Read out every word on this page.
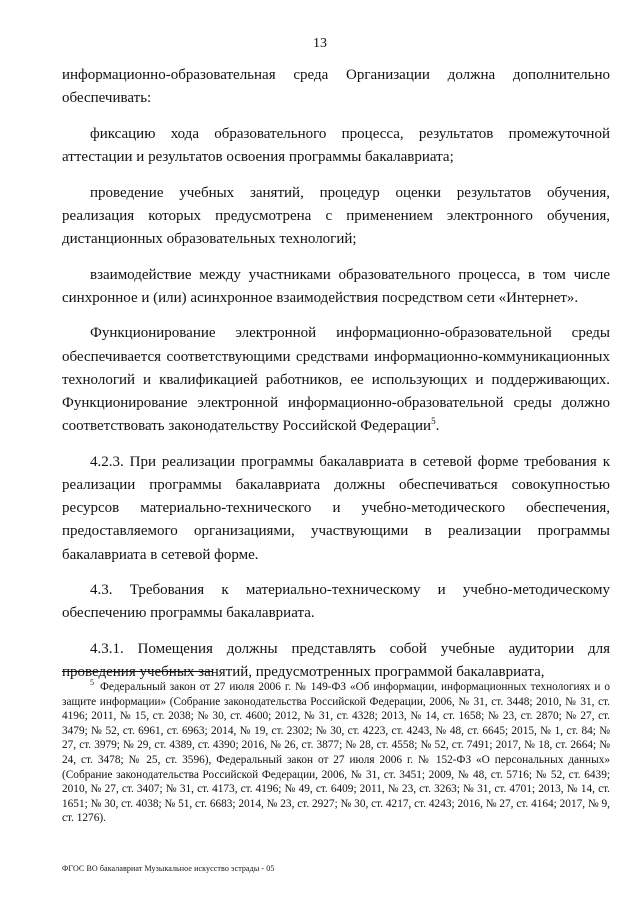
13

информационно-образовательная среда Организации должна дополнительно обеспечивать:

фиксацию хода образовательного процесса, результатов промежуточной аттестации и результатов освоения программы бакалавриата;

проведение учебных занятий, процедур оценки результатов обучения, реализация которых предусмотрена с применением электронного обучения, дистанционных образовательных технологий;

взаимодействие между участниками образовательного процесса, в том числе синхронное и (или) асинхронное взаимодействия посредством сети «Интернет».

Функционирование электронной информационно-образовательной среды обеспечивается соответствующими средствами информационно-коммуникационных технологий и квалификацией работников, ее использующих и поддерживающих. Функционирование электронной информационно-образовательной среды должно соответствовать законодательству Российской Федерации$^5$.

4.2.3. При реализации программы бакалавриата в сетевой форме требования к реализации программы бакалавриата должны обеспечиваться совокупностью ресурсов материально-технического и учебно-методического обеспечения, предоставляемого организациями, участвующими в реализации программы бакалавриата в сетевой форме.

4.3. Требования к материально-техническому и учебно-методическому обеспечению программы бакалавриата.

4.3.1. Помещения должны представлять собой учебные аудитории для проведения учебных занятий, предусмотренных программой бакалавриата,

$^5$ Федеральный закон от 27 июля 2006 г. № 149-ФЗ «Об информации, информационных технологиях и о защите информации» (Собрание законодательства Российской Федерации, 2006, № 31, ст. 3448; 2010, № 31, ст. 4196; 2011, № 15, ст. 2038; № 30, ст. 4600; 2012, № 31, ст. 4328; 2013, № 14, ст. 1658; № 23, ст. 2870; № 27, ст. 3479; № 52, ст. 6961, ст. 6963; 2014, № 19, ст. 2302; № 30, ст. 4223, ст. 4243, № 48, ст. 6645; 2015, № 1, ст. 84; № 27, ст. 3979; № 29, ст. 4389, ст. 4390; 2016, № 26, ст. 3877; № 28, ст. 4558; № 52, ст. 7491; 2017, № 18, ст. 2664; № 24, ст. 3478; № 25, ст. 3596), Федеральный закон от 27 июля 2006 г. № 152-ФЗ «О персональных данных» (Собрание законодательства Российской Федерации, 2006, № 31, ст. 3451; 2009, № 48, ст. 5716; № 52, ст. 6439; 2010, № 27, ст. 3407; № 31, ст. 4173, ст. 4196; № 49, ст. 6409; 2011, № 23, ст. 3263; № 31, ст. 4701; 2013, № 14, ст. 1651; № 30, ст. 4038; № 51, ст. 6683; 2014, № 23, ст. 2927; № 30, ст. 4217, ст. 4243; 2016, № 27, ст. 4164; 2017, № 9, ст. 1276).
ФГОС ВО бакалавриат Музыкальное искусство эстрады - 05
